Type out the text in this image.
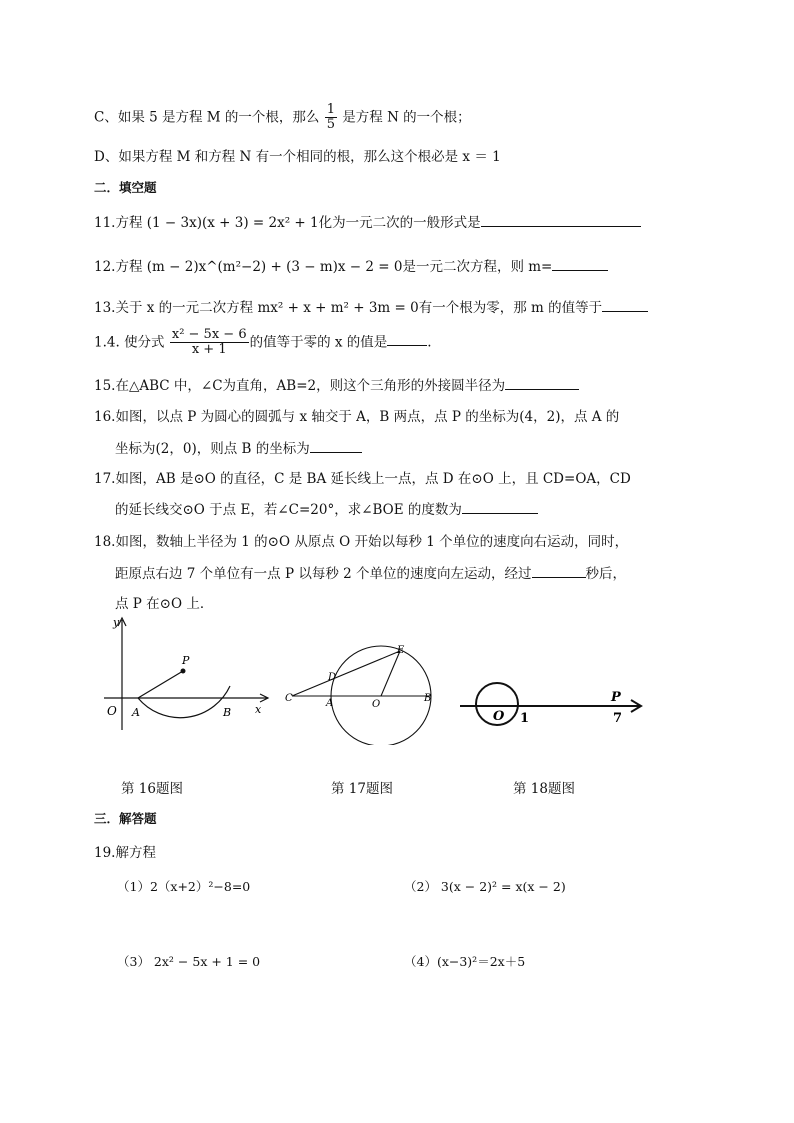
C、如果 5 是方程 M 的一个根，那么 $\frac{1}{5}$ 是方程 N 的一个根；
D、如果方程 M 和方程 N 有一个相同的根，那么这个根必是 x ＝ 1
二．填空题
11.方程 (1 − 3x)(x + 3) = 2x² + 1化为一元二次的一般形式是
12.方程 (m − 2)x^(m²−2) + (3 − m)x − 2 = 0是一元二次方程，则 m=
13.关于 x 的一元二次方程 mx² + x + m² + 3m = 0有一个根为零，那 m 的值等于
1.4. 使分式 $\frac{\text{x² − 5x − 6}}{x + 1}$ 的值等于零的 x 的值是	.
15.在△ABC 中，∠C为直角，AB=2，则这个三角形的外接圆半径为
16.如图，以点 P 为圆心的圆弧与 x 轴交于 A，B 两点，点 P 的坐标为(4，2)，点 A 的
坐标为(2，0)，则点 B 的坐标为
17.如图，AB 是⊙O 的直径，C 是 BA 延长线上一点，点 D 在⊙O 上，且 CD=OA，CD
的延长线交⊙O 于点 E，若∠C=20°，求∠BOE 的度数为
18.如图，数轴上半径为 1 的⊙O 从原点 O 开始以每秒 1 个单位的速度向右运动，同时，
距原点右边 7 个单位有一点 P 以每秒 2 个单位的速度向左运动，经过	秒后，
点 P 在⊙O 上．
y
x
O A	B
P
C
D
E
A	O
B
O 1
P
7
第 16题图	第 17题图	第 18题图
三．解答题
19.解方程
（1）2（x+2）²−8=0	（2） 3(x − 2)² = x(x − 2)
（3） 2x² − 5x + 1 = 0	（4）(x−3)²＝2x＋5
